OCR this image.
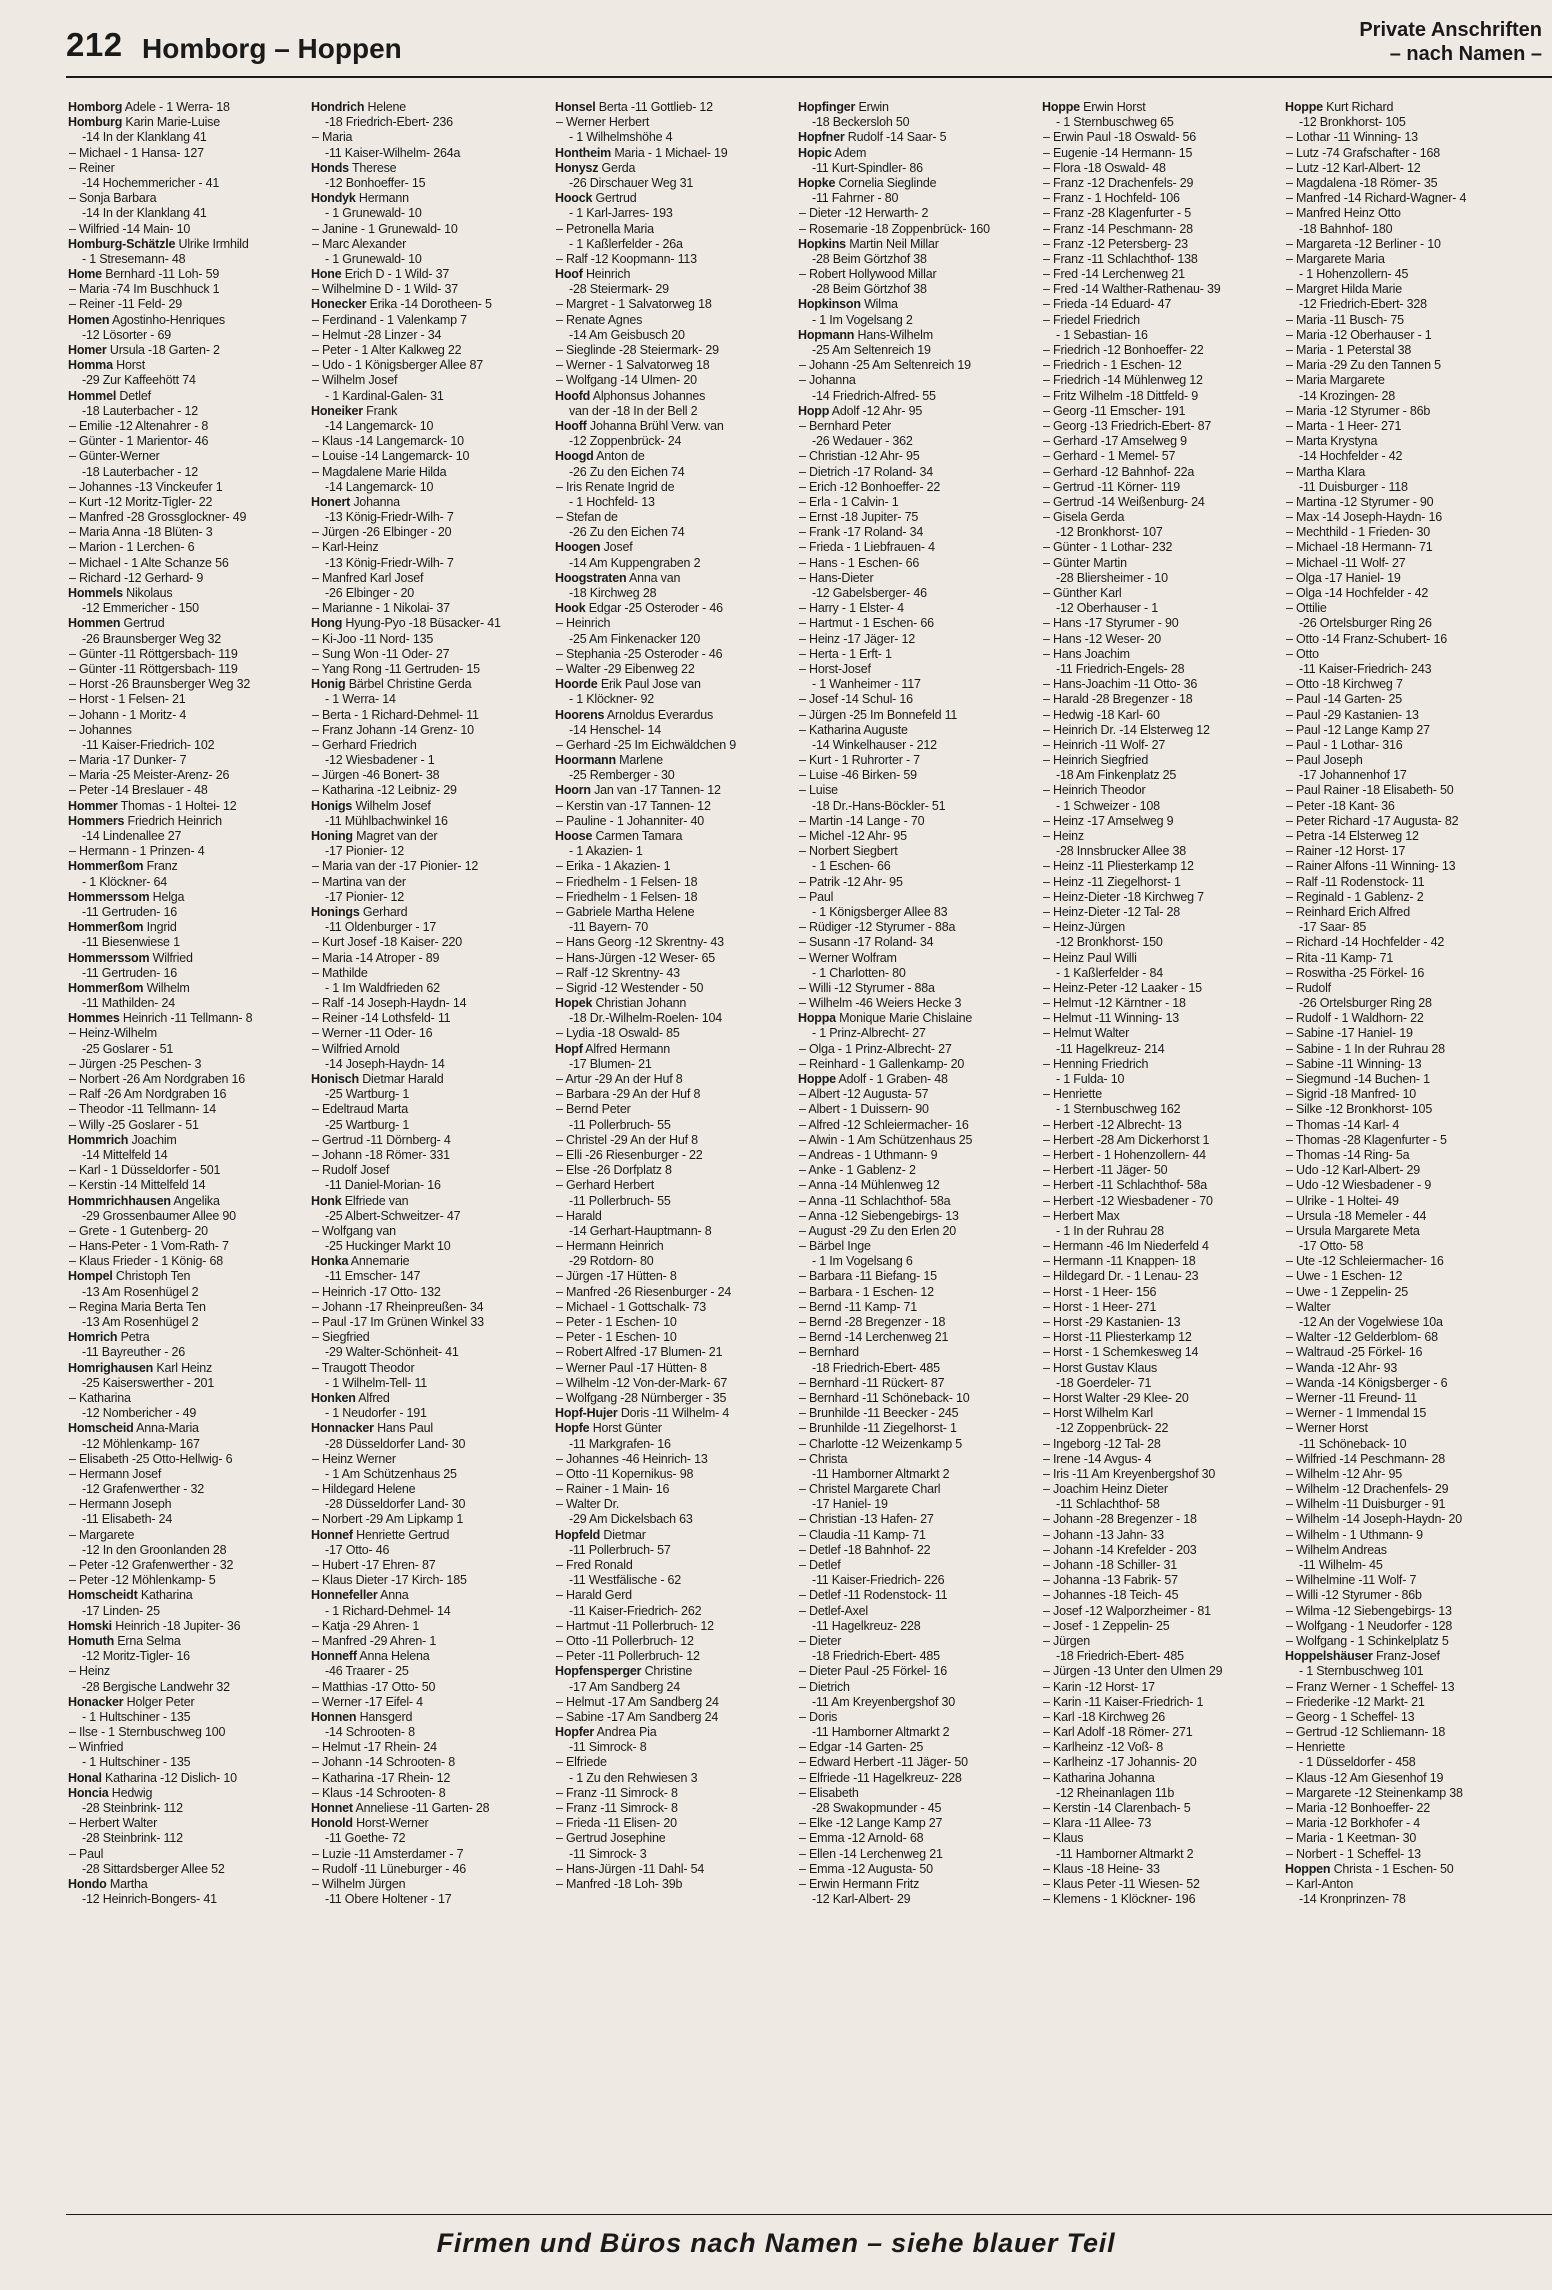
212 Homborg – Hoppen
Private Anschriften
– nach Namen –
Homborg Adele - 1 Werra- 18
Homburg Karin Marie-Luise
-14 In der Klanklang 41
– Michael - 1 Hansa- 127
– Reiner
-14 Hochemmericher - 41
– Sonja Barbara
-14 In der Klanklang 41
– Wilfried -14 Main- 10
Homburg-Schätzle Ulrike Irmhild
- 1 Stresemann- 48
Home Bernhard -11 Loh- 59
– Maria -74 Im Buschhuck 1
– Reiner -11 Feld- 29
Homen Agostinho-Henriques
-12 Lösorter - 69
Homer Ursula -18 Garten- 2
Homma Horst
-29 Zur Kaffeehött 74
Hommel Detlef
-18 Lauterbacher - 12
– Emilie -12 Altenahrer - 8
– Günter - 1 Marientor- 46
– Günter-Werner
-18 Lauterbacher - 12
– Johannes -13 Vinckeufer 1
– Kurt -12 Moritz-Tigler- 22
– Manfred -28 Grossglockner- 49
– Maria Anna -18 Blüten- 3
– Marion - 1 Lerchen- 6
– Michael - 1 Alte Schanze 56
– Richard -12 Gerhard- 9
Hommels Nikolaus
-12 Emmericher - 150
Hommen Gertrud
-26 Braunsberger Weg 32
– Günter -11 Röttgersbach- 119
– Günter -11 Röttgersbach- 119
– Horst -26 Braunsberger Weg 32
– Horst - 1 Felsen- 21
– Johann - 1 Moritz- 4
– Johannes
-11 Kaiser-Friedrich- 102
– Maria -17 Dunker- 7
– Maria -25 Meister-Arenz- 26
– Peter -14 Breslauer - 48
Hommer Thomas - 1 Holtei- 12
Hommers Friedrich Heinrich
-14 Lindenallee 27
– Hermann - 1 Prinzen- 4
Hommerßom Franz
- 1 Klöckner- 64
Hommerssom Helga
-11 Gertruden- 16
Hommerßom Ingrid
-11 Biesenwiese 1
Hommerssom Wilfried
-11 Gertruden- 16
Hommerßom Wilhelm
-11 Mathilden- 24
Hommes Heinrich -11 Tellmann- 8
– Heinz-Wilhelm
-25 Goslarer - 51
– Jürgen -25 Peschen- 3
– Norbert -26 Am Nordgraben 16
– Ralf -26 Am Nordgraben 16
– Theodor -11 Tellmann- 14
– Willy -25 Goslarer - 51
Hommrich Joachim
-14 Mittelfeld 14
– Karl - 1 Düsseldorfer - 501
– Kerstin -14 Mittelfeld 14
Hommrichhausen Angelika
-29 Grossenbaumer Allee 90
– Grete - 1 Gutenberg- 20
– Hans-Peter - 1 Vom-Rath- 7
– Klaus Frieder - 1 König- 68
Hompel Christoph Ten
-13 Am Rosenhügel 2
– Regina Maria Berta Ten
-13 Am Rosenhügel 2
Homrich Petra
-11 Bayreuther - 26
Homrighausen Karl Heinz
-25 Kaiserswerther - 201
– Katharina
-12 Nombericher - 49
Homscheid Anna-Maria
-12 Möhlenkamp- 167
– Elisabeth -25 Otto-Hellwig- 6
– Hermann Josef
-12 Grafenwerther - 32
– Hermann Joseph
-11 Elisabeth- 24
– Margarete
-12 In den Groonlanden 28
– Peter -12 Grafenwerther - 32
– Peter -12 Möhlenkamp- 5
Homscheidt Katharina
-17 Linden- 25
Homski Heinrich -18 Jupiter- 36
Homuth Erna Selma
-12 Moritz-Tigler- 16
– Heinz
-28 Bergische Landwehr 32
Honacker Holger Peter
- 1 Hultschiner - 135
– Ilse - 1 Sternbuschweg 100
– Winfried
- 1 Hultschiner - 135
Honal Katharina -12 Dislich- 10
Honcia Hedwig
-28 Steinbrink- 112
– Herbert Walter
-28 Steinbrink- 112
– Paul
-28 Sittardsberger Allee 52
Hondo Martha
-12 Heinrich-Bongers- 41
Hondrich Helene
-18 Friedrich-Ebert- 236
– Maria
-11 Kaiser-Wilhelm- 264a
Honds Therese
-12 Bonhoeffer- 15
Hondyk Hermann
- 1 Grunewald- 10
– Janine - 1 Grunewald- 10
– Marc Alexander
- 1 Grunewald- 10
Hone Erich D - 1 Wild- 37
– Wilhelmine D - 1 Wild- 37
Honecker Erika -14 Dorotheen- 5
– Ferdinand - 1 Valenkamp 7
– Helmut -28 Linzer - 34
– Peter - 1 Alter Kalkweg 22
– Udo - 1 Königsberger Allee 87
– Wilhelm Josef
- 1 Kardinal-Galen- 31
Honeiker Frank
-14 Langemarck- 10
– Klaus -14 Langemarck- 10
– Louise -14 Langemarck- 10
– Magdalene Marie Hilda
-14 Langemarck- 10
Honert Johanna
-13 König-Friedr-Wilh- 7
– Jürgen -26 Elbinger - 20
– Karl-Heinz
-13 König-Friedr-Wilh- 7
– Manfred Karl Josef
-26 Elbinger - 20
– Marianne - 1 Nikolai- 37
Hong Hyung-Pyo -18 Büsacker- 41
– Ki-Joo -11 Nord- 135
– Sung Won -11 Oder- 27
– Yang Rong -11 Gertruden- 15
Honig Bärbel Christine Gerda
- 1 Werra- 14
– Berta - 1 Richard-Dehmel- 11
– Franz Johann -14 Grenz- 10
– Gerhard Friedrich
-12 Wiesbadener - 1
– Jürgen -46 Bonert- 38
– Katharina -12 Leibniz- 29
Honigs Wilhelm Josef
-11 Mühlbachwinkel 16
Honing Magret van der
-17 Pionier- 12
– Maria van der -17 Pionier- 12
– Martina van der
-17 Pionier- 12
Honings Gerhard
-11 Oldenburger - 17
– Kurt Josef -18 Kaiser- 220
– Maria -14 Atroper - 89
– Mathilde
- 1 Im Waldfrieden 62
– Ralf -14 Joseph-Haydn- 14
– Reiner -14 Lothsfeld- 11
– Werner -11 Oder- 16
– Wilfried Arnold
-14 Joseph-Haydn- 14
Honisch Dietmar Harald
-25 Wartburg- 1
– Edeltraud Marta
-25 Wartburg- 1
– Gertrud -11 Dörnberg- 4
– Johann -18 Römer- 331
– Rudolf Josef
-11 Daniel-Morian- 16
Honk Elfriede van
-25 Albert-Schweitzer- 47
– Wolfgang van
-25 Huckinger Markt 10
Honka Annemarie
-11 Emscher- 147
– Heinrich -17 Otto- 132
– Johann -17 Rheinpreußen- 34
– Paul -17 Im Grünen Winkel 33
– Siegfried
-29 Walter-Schönheit- 41
– Traugott Theodor
- 1 Wilhelm-Tell- 11
Honken Alfred
- 1 Neudorfer - 191
Honnacker Hans Paul
-28 Düsseldorfer Land- 30
– Heinz Werner
- 1 Am Schützenhaus 25
– Hildegard Helene
-28 Düsseldorfer Land- 30
– Norbert -29 Am Lipkamp 1
Honnef Henriette Gertrud
-17 Otto- 46
– Hubert -17 Ehren- 87
– Klaus Dieter -17 Kirch- 185
Honnefeller Anna
- 1 Richard-Dehmel- 14
– Katja -29 Ahren- 1
– Manfred -29 Ahren- 1
Honneff Anna Helena
-46 Traarer - 25
– Matthias -17 Otto- 50
– Werner -17 Eifel- 4
Honnen Hansgerd
-14 Schrooten- 8
– Helmut -17 Rhein- 24
– Johann -14 Schrooten- 8
– Katharina -17 Rhein- 12
– Klaus -14 Schrooten- 8
Honnet Anneliese -11 Garten- 28
Honold Horst-Werner
-11 Goethe- 72
– Luzie -11 Amsterdamer - 7
– Rudolf -11 Lüneburger - 46
– Wilhelm Jürgen
-11 Obere Holtener - 17
Honsel Berta -11 Gottlieb- 12
– Werner Herbert
- 1 Wilhelmshöhe 4
Hontheim Maria - 1 Michael- 19
Honysz Gerda
-26 Dirschauer Weg 31
Hoock Gertrud
- 1 Karl-Jarres- 193
– Petronella Maria
- 1 Kaßlerfelder - 26a
– Ralf -12 Koopmann- 113
Hoof Heinrich
-28 Steiermark- 29
– Margret - 1 Salvatorweg 18
– Renate Agnes
-14 Am Geisbusch 20
– Sieglinde -28 Steiermark- 29
– Werner - 1 Salvatorweg 18
– Wolfgang -14 Ulmen- 20
Hoofd Alphonsus Johannes
van der -18 In der Bell 2
Hooff Johanna Brühl Verw. van
-12 Zoppenbrück- 24
Hoogd Anton de
-26 Zu den Eichen 74
– Iris Renate Ingrid de
- 1 Hochfeld- 13
– Stefan de
-26 Zu den Eichen 74
Hoogen Josef
-14 Am Kuppengraben 2
Hoogstraten Anna van
-18 Kirchweg 28
Hook Edgar -25 Osteroder - 46
– Heinrich
-25 Am Finkenacker 120
– Stephania -25 Osteroder - 46
– Walter -29 Eibenweg 22
Hoorde Erik Paul Jose van
- 1 Klöckner- 92
Hoorens Arnoldus Everardus
-14 Henschel- 14
– Gerhard -25 Im Eichwäldchen 9
Hoormann Marlene
-25 Remberger - 30
Hoorn Jan van -17 Tannen- 12
– Kerstin van -17 Tannen- 12
– Pauline - 1 Johanniter- 40
Hoose Carmen Tamara
- 1 Akazien- 1
– Erika - 1 Akazien- 1
– Friedhelm - 1 Felsen- 18
– Friedhelm - 1 Felsen- 18
– Gabriele Martha Helene
-11 Bayern- 70
– Hans Georg -12 Skrentny- 43
– Hans-Jürgen -12 Weser- 65
– Ralf -12 Skrentny- 43
– Sigrid -12 Westender - 50
Hopek Christian Johann
-18 Dr.-Wilhelm-Roelen- 104
– Lydia -18 Oswald- 85
Hopf Alfred Hermann
-17 Blumen- 21
– Artur -29 An der Huf 8
– Barbara -29 An der Huf 8
– Bernd Peter
-11 Pollerbruch- 55
– Christel -29 An der Huf 8
– Elli -26 Riesenburger - 22
– Else -26 Dorfplatz 8
– Gerhard Herbert
-11 Pollerbruch- 55
– Harald
-14 Gerhart-Hauptmann- 8
– Hermann Heinrich
-29 Rotdorn- 80
– Jürgen -17 Hütten- 8
– Manfred -26 Riesenburger - 24
– Michael - 1 Gottschalk- 73
– Peter - 1 Eschen- 10
– Peter - 1 Eschen- 10
– Robert Alfred -17 Blumen- 21
– Werner Paul -17 Hütten- 8
– Wilhelm -12 Von-der-Mark- 67
– Wolfgang -28 Nürnberger - 35
Hopf-Hujer Doris -11 Wilhelm- 4
Hopfe Horst Günter
-11 Markgrafen- 16
– Johannes -46 Heinrich- 13
– Otto -11 Kopernikus- 98
– Rainer - 1 Main- 16
– Walter Dr.
-29 Am Dickelsbach 63
Hopfeld Dietmar
-11 Pollerbruch- 57
– Fred Ronald
-11 Westfälische - 62
– Harald Gerd
-11 Kaiser-Friedrich- 262
– Hartmut -11 Pollerbruch- 12
– Otto -11 Pollerbruch- 12
– Peter -11 Pollerbruch- 12
Hopfensperger Christine
-17 Am Sandberg 24
– Helmut -17 Am Sandberg 24
– Sabine -17 Am Sandberg 24
Hopfer Andrea Pia
-11 Simrock- 8
– Elfriede
- 1 Zu den Rehwiesen 3
– Franz -11 Simrock- 8
– Franz -11 Simrock- 8
– Frieda -11 Elisen- 20
– Gertrud Josephine
-11 Simrock- 3
– Hans-Jürgen -11 Dahl- 54
– Manfred -18 Loh- 39b
Hopfinger Erwin
-18 Beckersloh 50
Hopfner Rudolf -14 Saar- 5
Hopic Adem
-11 Kurt-Spindler- 86
Hopke Cornelia Sieglinde
-11 Fahrner - 80
– Dieter -12 Herwarth- 2
– Rosemarie -18 Zoppenbrück- 160
Hopkins Martin Neil Millar
-28 Beim Görtzhof 38
– Robert Hollywood Millar
-28 Beim Görtzhof 38
Hopkinson Wilma
- 1 Im Vogelsang 2
Hopmann Hans-Wilhelm
-25 Am Seltenreich 19
– Johann -25 Am Seltenreich 19
– Johanna
-14 Friedrich-Alfred- 55
Hopp Adolf -12 Ahr- 95
– Bernhard Peter
-26 Wedauer - 362
– Christian -12 Ahr- 95
– Dietrich -17 Roland- 34
– Erich -12 Bonhoeffer- 22
– Erla - 1 Calvin- 1
– Ernst -18 Jupiter- 75
– Frank -17 Roland- 34
– Frieda - 1 Liebfrauen- 4
– Hans - 1 Eschen- 66
– Hans-Dieter
-12 Gabelsberger- 46
– Harry - 1 Elster- 4
– Hartmut - 1 Eschen- 66
– Heinz -17 Jäger- 12
– Herta - 1 Erft- 1
– Horst-Josef
- 1 Wanheimer - 117
– Josef -14 Schul- 16
– Jürgen -25 Im Bonnefeld 11
– Katharina Auguste
-14 Winkelhauser - 212
– Kurt - 1 Ruhrorter - 7
– Luise -46 Birken- 59
– Luise
-18 Dr.-Hans-Böckler- 51
– Martin -14 Lange - 70
– Michel -12 Ahr- 95
– Norbert Siegbert
- 1 Eschen- 66
– Patrik -12 Ahr- 95
– Paul
- 1 Königsberger Allee 83
– Rüdiger -12 Styrumer - 88a
– Susann -17 Roland- 34
– Werner Wolfram
- 1 Charlotten- 80
– Willi -12 Styrumer - 88a
– Wilhelm -46 Weiers Hecke 3
Hoppa Monique Marie Chislaine
- 1 Prinz-Albrecht- 27
– Olga - 1 Prinz-Albrecht- 27
– Reinhard - 1 Gallenkamp- 20
Hoppe Adolf - 1 Graben- 48
– Albert -12 Augusta- 57
– Albert - 1 Duissern- 90
– Alfred -12 Schleiermacher- 16
– Alwin - 1 Am Schützenhaus 25
– Andreas - 1 Uthmann- 9
– Anke - 1 Gablenz- 2
– Anna -14 Mühlenweg 12
– Anna -11 Schlachthof- 58a
– Anna -12 Siebengebirgs- 13
– August -29 Zu den Erlen 20
– Bärbel Inge
- 1 Im Vogelsang 6
– Barbara -11 Biefang- 15
– Barbara - 1 Eschen- 12
– Bernd -11 Kamp- 71
– Bernd -28 Bregenzer - 18
– Bernd -14 Lerchenweg 21
– Bernhard
-18 Friedrich-Ebert- 485
– Bernhard -11 Rückert- 87
– Bernhard -11 Schöneback- 10
– Brunhilde -11 Beecker - 245
– Brunhilde -11 Ziegelhorst- 1
– Charlotte -12 Weizenkamp 5
– Christa
-11 Hamborner Altmarkt 2
– Christel Margarete Charl
-17 Haniel- 19
– Christian -13 Hafen- 27
– Claudia -11 Kamp- 71
– Detlef -18 Bahnhof- 22
– Detlef
-11 Kaiser-Friedrich- 226
– Detlef -11 Rodenstock- 11
– Detlef-Axel
-11 Hagelkreuz- 228
– Dieter
-18 Friedrich-Ebert- 485
– Dieter Paul -25 Förkel- 16
– Dietrich
-11 Am Kreyenbergshof 30
– Doris
-11 Hamborner Altmarkt 2
– Edgar -14 Garten- 25
– Edward Herbert -11 Jäger- 50
– Elfriede -11 Hagelkreuz- 228
– Elisabeth
-28 Swakopmunder - 45
– Elke -12 Lange Kamp 27
– Emma -12 Arnold- 68
– Ellen -14 Lerchenweg 21
– Emma -12 Augusta- 50
– Erwin Hermann Fritz
-12 Karl-Albert- 29
Hoppe Erwin Horst
- 1 Sternbuschweg 65
– Erwin Paul -18 Oswald- 56
– Eugenie -14 Hermann- 15
– Flora -18 Oswald- 48
– Franz -12 Drachenfels- 29
– Franz - 1 Hochfeld- 106
– Franz -28 Klagenfurter - 5
– Franz -14 Peschmann- 28
– Franz -12 Petersberg- 23
– Franz -11 Schlachthof- 138
– Fred -14 Lerchenweg 21
– Fred -14 Walther-Rathenau- 39
– Frieda -14 Eduard- 47
– Friedel Friedrich
- 1 Sebastian- 16
– Friedrich -12 Bonhoeffer- 22
– Friedrich - 1 Eschen- 12
– Friedrich -14 Mühlenweg 12
– Fritz Wilhelm -18 Dittfeld- 9
– Georg -11 Emscher- 191
– Georg -13 Friedrich-Ebert- 87
– Gerhard -17 Amselweg 9
– Gerhard - 1 Memel- 57
– Gerhard -12 Bahnhof- 22a
– Gertrud -11 Körner- 119
– Gertrud -14 Weißenburg- 24
– Gisela Gerda
-12 Bronkhorst- 107
– Günter - 1 Lothar- 232
– Günter Martin
-28 Bliersheimer - 10
– Günther Karl
-12 Oberhauser - 1
– Hans -17 Styrumer - 90
– Hans -12 Weser- 20
– Hans Joachim
-11 Friedrich-Engels- 28
– Hans-Joachim -11 Otto- 36
– Harald -28 Bregenzer - 18
– Hedwig -18 Karl- 60
– Heinrich Dr. -14 Elsterweg 12
– Heinrich -11 Wolf- 27
– Heinrich Siegfried
-18 Am Finkenplatz 25
– Heinrich Theodor
- 1 Schweizer - 108
– Heinz -17 Amselweg 9
– Heinz
-28 Innsbrucker Allee 38
– Heinz -11 Pliesterkamp 12
– Heinz -11 Ziegelhorst- 1
– Heinz-Dieter -18 Kirchweg 7
– Heinz-Dieter -12 Tal- 28
– Heinz-Jürgen
-12 Bronkhorst- 150
– Heinz Paul Willi
- 1 Kaßlerfelder - 84
– Heinz-Peter -12 Laaker - 15
– Helmut -12 Kärntner - 18
– Helmut -11 Winning- 13
– Helmut Walter
-11 Hagelkreuz- 214
– Henning Friedrich
- 1 Fulda- 10
– Henriette
- 1 Sternbuschweg 162
– Herbert -12 Albrecht- 13
– Herbert -28 Am Dickerhorst 1
– Herbert - 1 Hohenzollern- 44
– Herbert -11 Jäger- 50
– Herbert -11 Schlachthof- 58a
– Herbert -12 Wiesbadener - 70
– Herbert Max
- 1 In der Ruhrau 28
– Hermann -46 Im Niederfeld 4
– Hermann -11 Knappen- 18
– Hildegard Dr. - 1 Lenau- 23
– Horst - 1 Heer- 156
– Horst - 1 Heer- 271
– Horst -29 Kastanien- 13
– Horst -11 Pliesterkamp 12
– Horst - 1 Schemkesweg 14
– Horst Gustav Klaus
-18 Goerdeler- 71
– Horst Walter -29 Klee- 20
– Horst Wilhelm Karl
-12 Zoppenbrück- 22
– Ingeborg -12 Tal- 28
– Irene -14 Avgus- 4
– Iris -11 Am Kreyenbergshof 30
– Joachim Heinz Dieter
-11 Schlachthof- 58
– Johann -28 Bregenzer - 18
– Johann -13 Jahn- 33
– Johann -14 Krefelder - 203
– Johann -18 Schiller- 31
– Johanna -13 Fabrik- 57
– Johannes -18 Teich- 45
– Josef -12 Walporzheimer - 81
– Josef - 1 Zeppelin- 25
– Jürgen
-18 Friedrich-Ebert- 485
– Jürgen -13 Unter den Ulmen 29
– Karin -12 Horst- 17
– Karin -11 Kaiser-Friedrich- 1
– Karl -18 Kirchweg 26
– Karl Adolf -18 Römer- 271
– Karlheinz -12 Voß- 8
– Karlheinz -17 Johannis- 20
– Katharina Johanna
-12 Rheinanlagen 11b
– Kerstin -14 Clarenbach- 5
– Klara -11 Allee- 73
– Klaus
-11 Hamborner Altmarkt 2
– Klaus -18 Heine- 33
– Klaus Peter -11 Wiesen- 52
– Klemens - 1 Klöckner- 196
Hoppe Kurt Richard
-12 Bronkhorst- 105
– Lothar -11 Winning- 13
– Lutz -74 Grafschafter - 168
– Lutz -12 Karl-Albert- 12
– Magdalena -18 Römer- 35
– Manfred -14 Richard-Wagner- 4
– Manfred Heinz Otto
-18 Bahnhof- 180
– Margareta -12 Berliner - 10
– Margarete Maria
- 1 Hohenzollern- 45
– Margret Hilda Marie
-12 Friedrich-Ebert- 328
– Maria -11 Busch- 75
– Maria -12 Oberhauser - 1
– Maria - 1 Peterstal 38
– Maria -29 Zu den Tannen 5
– Maria Margarete
-14 Krozingen- 28
– Maria -12 Styrumer - 86b
– Marta - 1 Heer- 271
– Marta Krystyna
-14 Hochfelder - 42
– Martha Klara
-11 Duisburger - 118
– Martina -12 Styrumer - 90
– Max -14 Joseph-Haydn- 16
– Mechthild - 1 Frieden- 30
– Michael -18 Hermann- 71
– Michael -11 Wolf- 27
– Olga -17 Haniel- 19
– Olga -14 Hochfelder - 42
– Ottilie
-26 Ortelsburger Ring 26
– Otto -14 Franz-Schubert- 16
– Otto
-11 Kaiser-Friedrich- 243
– Otto -18 Kirchweg 7
– Paul -14 Garten- 25
– Paul -29 Kastanien- 13
– Paul -12 Lange Kamp 27
– Paul - 1 Lothar- 316
– Paul Joseph
-17 Johannenhof 17
– Paul Rainer -18 Elisabeth- 50
– Peter -18 Kant- 36
– Peter Richard -17 Augusta- 82
– Petra -14 Elsterweg 12
– Rainer -12 Horst- 17
– Rainer Alfons -11 Winning- 13
– Ralf -11 Rodenstock- 11
– Reginald - 1 Gablenz- 2
– Reinhard Erich Alfred
-17 Saar- 85
– Richard -14 Hochfelder - 42
– Rita -11 Kamp- 71
– Roswitha -25 Förkel- 16
– Rudolf
-26 Ortelsburger Ring 28
– Rudolf - 1 Waldhorn- 22
– Sabine -17 Haniel- 19
– Sabine - 1 In der Ruhrau 28
– Sabine -11 Winning- 13
– Siegmund -14 Buchen- 1
– Sigrid -18 Manfred- 10
– Silke -12 Bronkhorst- 105
– Thomas -14 Karl- 4
– Thomas -28 Klagenfurter - 5
– Thomas -14 Ring- 5a
– Udo -12 Karl-Albert- 29
– Udo -12 Wiesbadener - 9
– Ulrike - 1 Holtei- 49
– Ursula -18 Memeler - 44
– Ursula Margarete Meta
-17 Otto- 58
– Ute -12 Schleiermacher- 16
– Uwe - 1 Eschen- 12
– Uwe - 1 Zeppelin- 25
– Walter
-12 An der Vogelwiese 10a
– Walter -12 Gelderblom- 68
– Waltraud -25 Förkel- 16
– Wanda -12 Ahr- 93
– Wanda -14 Königsberger - 6
– Werner -11 Freund- 11
– Werner - 1 Immendal 15
– Werner Horst
-11 Schöneback- 10
– Wilfried -14 Peschmann- 28
– Wilhelm -12 Ahr- 95
– Wilhelm -12 Drachenfels- 29
– Wilhelm -11 Duisburger - 91
– Wilhelm -14 Joseph-Haydn- 20
– Wilhelm - 1 Uthmann- 9
– Wilhelm Andreas
-11 Wilhelm- 45
– Wilhelmine -11 Wolf- 7
– Willi -12 Styrumer - 86b
– Wilma -12 Siebengebirgs- 13
– Wolfgang - 1 Neudorfer - 128
– Wolfgang - 1 Schinkelplatz 5
Hoppelshäuser Franz-Josef
- 1 Sternbuschweg 101
– Franz Werner - 1 Scheffel- 13
– Friederike -12 Markt- 21
– Georg - 1 Scheffel- 13
– Gertrud -12 Schliemann- 18
– Henriette
- 1 Düsseldorfer - 458
– Klaus -12 Am Giesenhof 19
– Margarete -12 Steinenkamp 38
– Maria -12 Bonhoeffer- 22
– Maria -12 Borkhofer - 4
– Maria - 1 Keetman- 30
– Norbert - 1 Scheffel- 13
Hoppen Christa - 1 Eschen- 50
– Karl-Anton
-14 Kronprinzen- 78
Firmen und Büros nach Namen – siehe blauer Teil
